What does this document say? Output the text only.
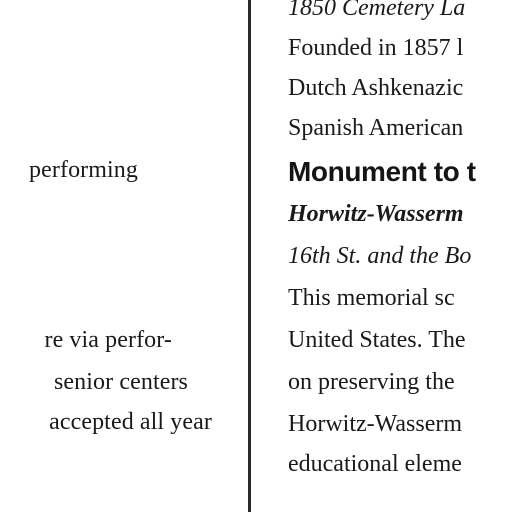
performing
re via perfor-
senior centers
accepted all year
1850 Cemetery La
Founded in 1857 l
Dutch Ashkenazic
Spanish American
Monument to t
Horwitz-Wasserm
16th St. and the Bo
This memorial sc
United States. The
on preserving the
Horwitz-Wasserm
educational eleme
